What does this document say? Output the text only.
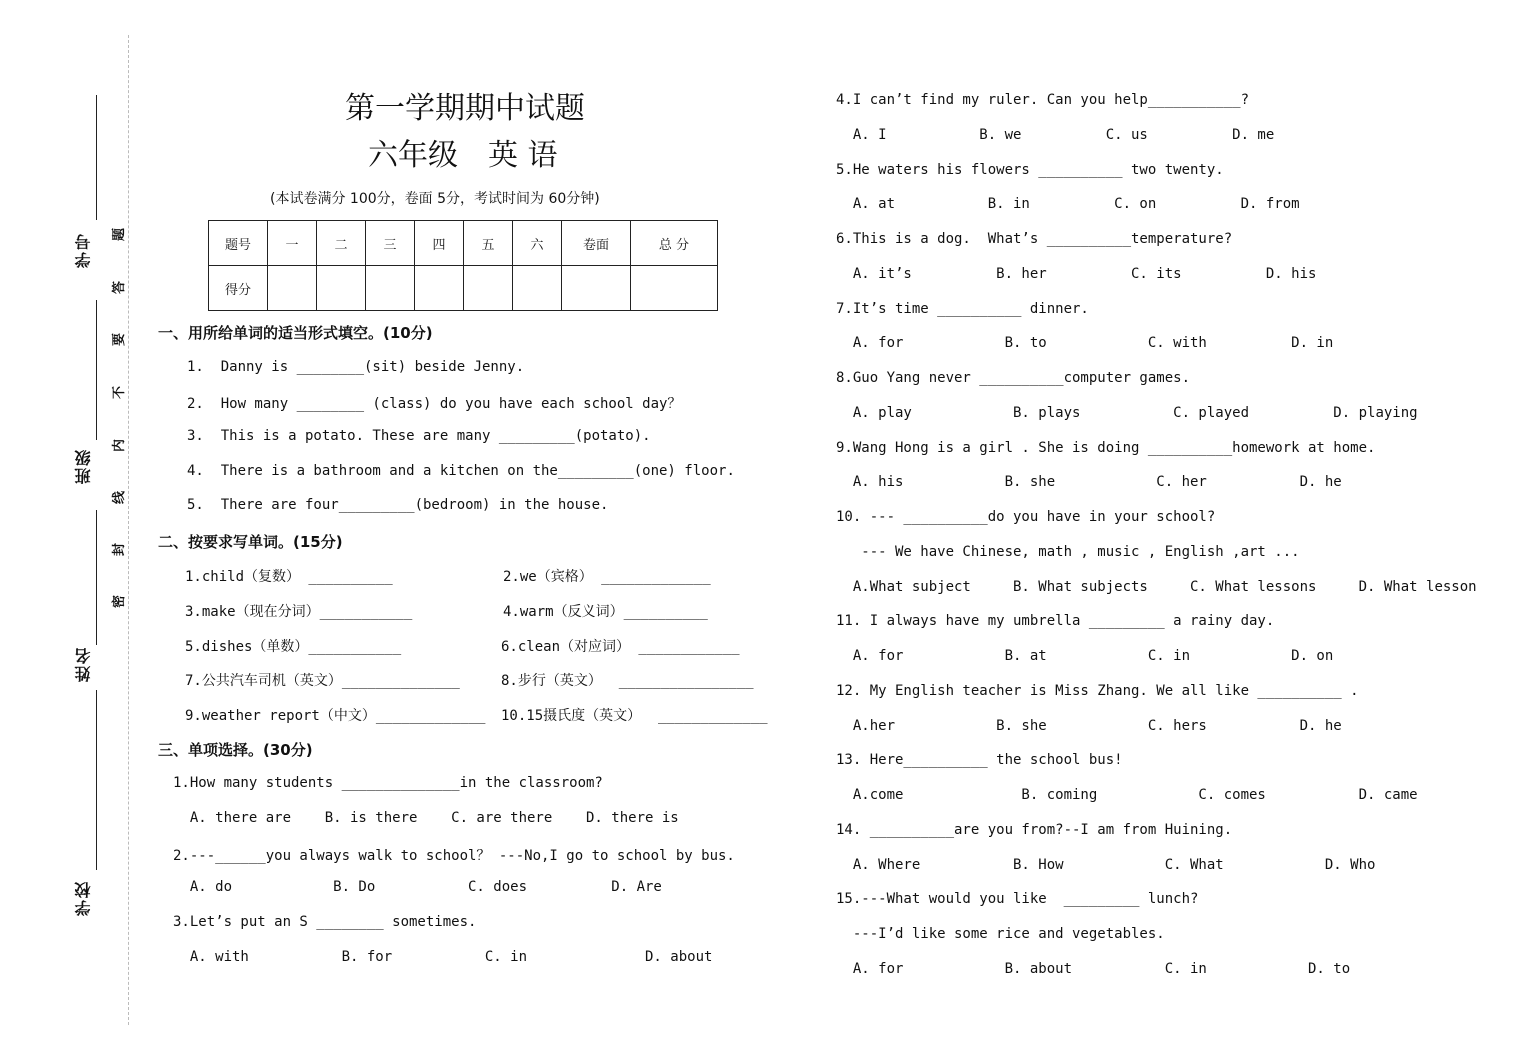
学号
班级
姓名
学校
题
答
要
不
内
线
封
密
第一学期期中试题
六年级　英 语
(本试卷满分 100分，卷面 5分，考试时间为 60分钟)
题号	一	二	三	四	五	六	卷面	总 分
得分								
一、用所给单词的适当形式填空。(10分)
1.  Danny is ________(sit) beside Jenny.
2.  How many ________ (class) do you have each school day？
3.  This is a potato. These are many _________(potato).
4.  There is a bathroom and a kitchen on the_________(one) floor.
5.  There are four_________(bedroom) in the house.
二、按要求写单词。(15分)
1.child（复数） __________
3.make（现在分词）___________
5.dishes（单数）___________
7.公共汽车司机（英文）______________
9.weather report（中文）_____________
2.we（宾格） _____________
4.warm（反义词）__________
6.clean（对应词） ____________
8.步行（英文）  ________________
10.15摄氏度（英文）  _____________
三、单项选择。(30分)
1.How many students ______________in the classroom?
A. there are    B. is there    C. are there    D. there is
2.---______you always walk to school？ ---No,I go to school by bus.
A. do            B. Do           C. does          D. Are
3.Let’s put an S ________ sometimes.
A. with           B. for           C. in              D. about
4.I can’t find my ruler. Can you help___________?
A. I           B. we          C. us          D. me
5.He waters his flowers __________ two twenty.
A. at           B. in          C. on          D. from
6.This is a dog.  What’s __________temperature?
A. it’s          B. her          C. its          D. his
7.It’s time __________ dinner.
A. for            B. to            C. with          D. in
8.Guo Yang never __________computer games.
A. play            B. plays           C. played          D. playing
9.Wang Hong is a girl . She is doing __________homework at home.
A. his            B. she            C. her           D. he
10. --- __________do you have in your school?
--- We have Chinese, math , music , English ,art ...
A.What subject     B. What subjects     C. What lessons     D. What lesson
11. I always have my umbrella _________ a rainy day.
A. for            B. at            C. in            D. on
12. My English teacher is Miss Zhang. We all like __________ .
A.her            B. she            C. hers           D. he
13. Here__________ the school bus!
A.come              B. coming            C. comes           D. came
14. __________are you from?--I am from Huining.
A. Where           B. How            C. What            D. Who
15.---What would you like  _________ lunch?
---I’d like some rice and vegetables.
A. for            B. about           C. in            D. to
